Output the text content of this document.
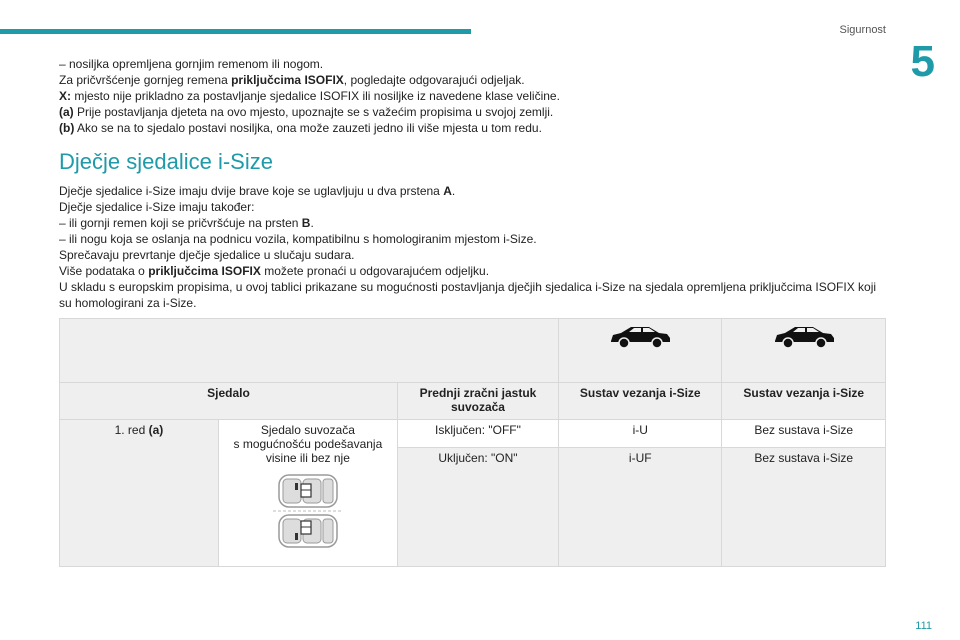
Sigurnost
5

– nosiljka opremljena gornjim remenom ili nogom.

Za pričvršćenje gornjeg remena priključcima ISOFIX, pogledajte odgovarajući odjeljak.

X: mjesto nije prikladno za postavljanje sjedalice ISOFIX ili nosiljke iz navedene klase veličine.

(a) Prije postavljanja djeteta na ovo mjesto, upoznajte se s važećim propisima u svojoj zemlji.

(b) Ako se na to sjedalo postavi nosiljka, ona može zauzeti jedno ili više mjesta u tom redu.

Dječje sjedalice i-Size

Dječje sjedalice i-Size imaju dvije brave koje se uglavljuju u dva prstena A.

Dječje sjedalice i-Size imaju također:

– ili gornji remen koji se pričvršćuje na prsten B.

– ili nogu koja se oslanja na podnicu vozila, kompatibilnu s homologiranim mjestom i-Size.

Sprečavaju prevrtanje dječje sjedalice u slučaju sudara.

Više podataka o priključcima ISOFIX možete pronaći u odgovarajućem odjeljku.

U skladu s europskim propisima, u ovoj tablici prikazane su mogućnosti postavljanja dječjih sjedalica i-Size na sjedala opremljena priključcima ISOFIX koji su homologirani za i-Size.

Sjedalo		Prednji zračni jastuk suvozača	Sustav vezanja i-Size	Sustav vezanja i-Size
1. red (a)	Sjedalo suvozača
s mogućnošću podešavanja visine ili bez nje	Isključen: "OFF"	i-U	Bez sustava i-Size
		Uključen: "ON"	i-UF	Bez sustava i-Size
111
